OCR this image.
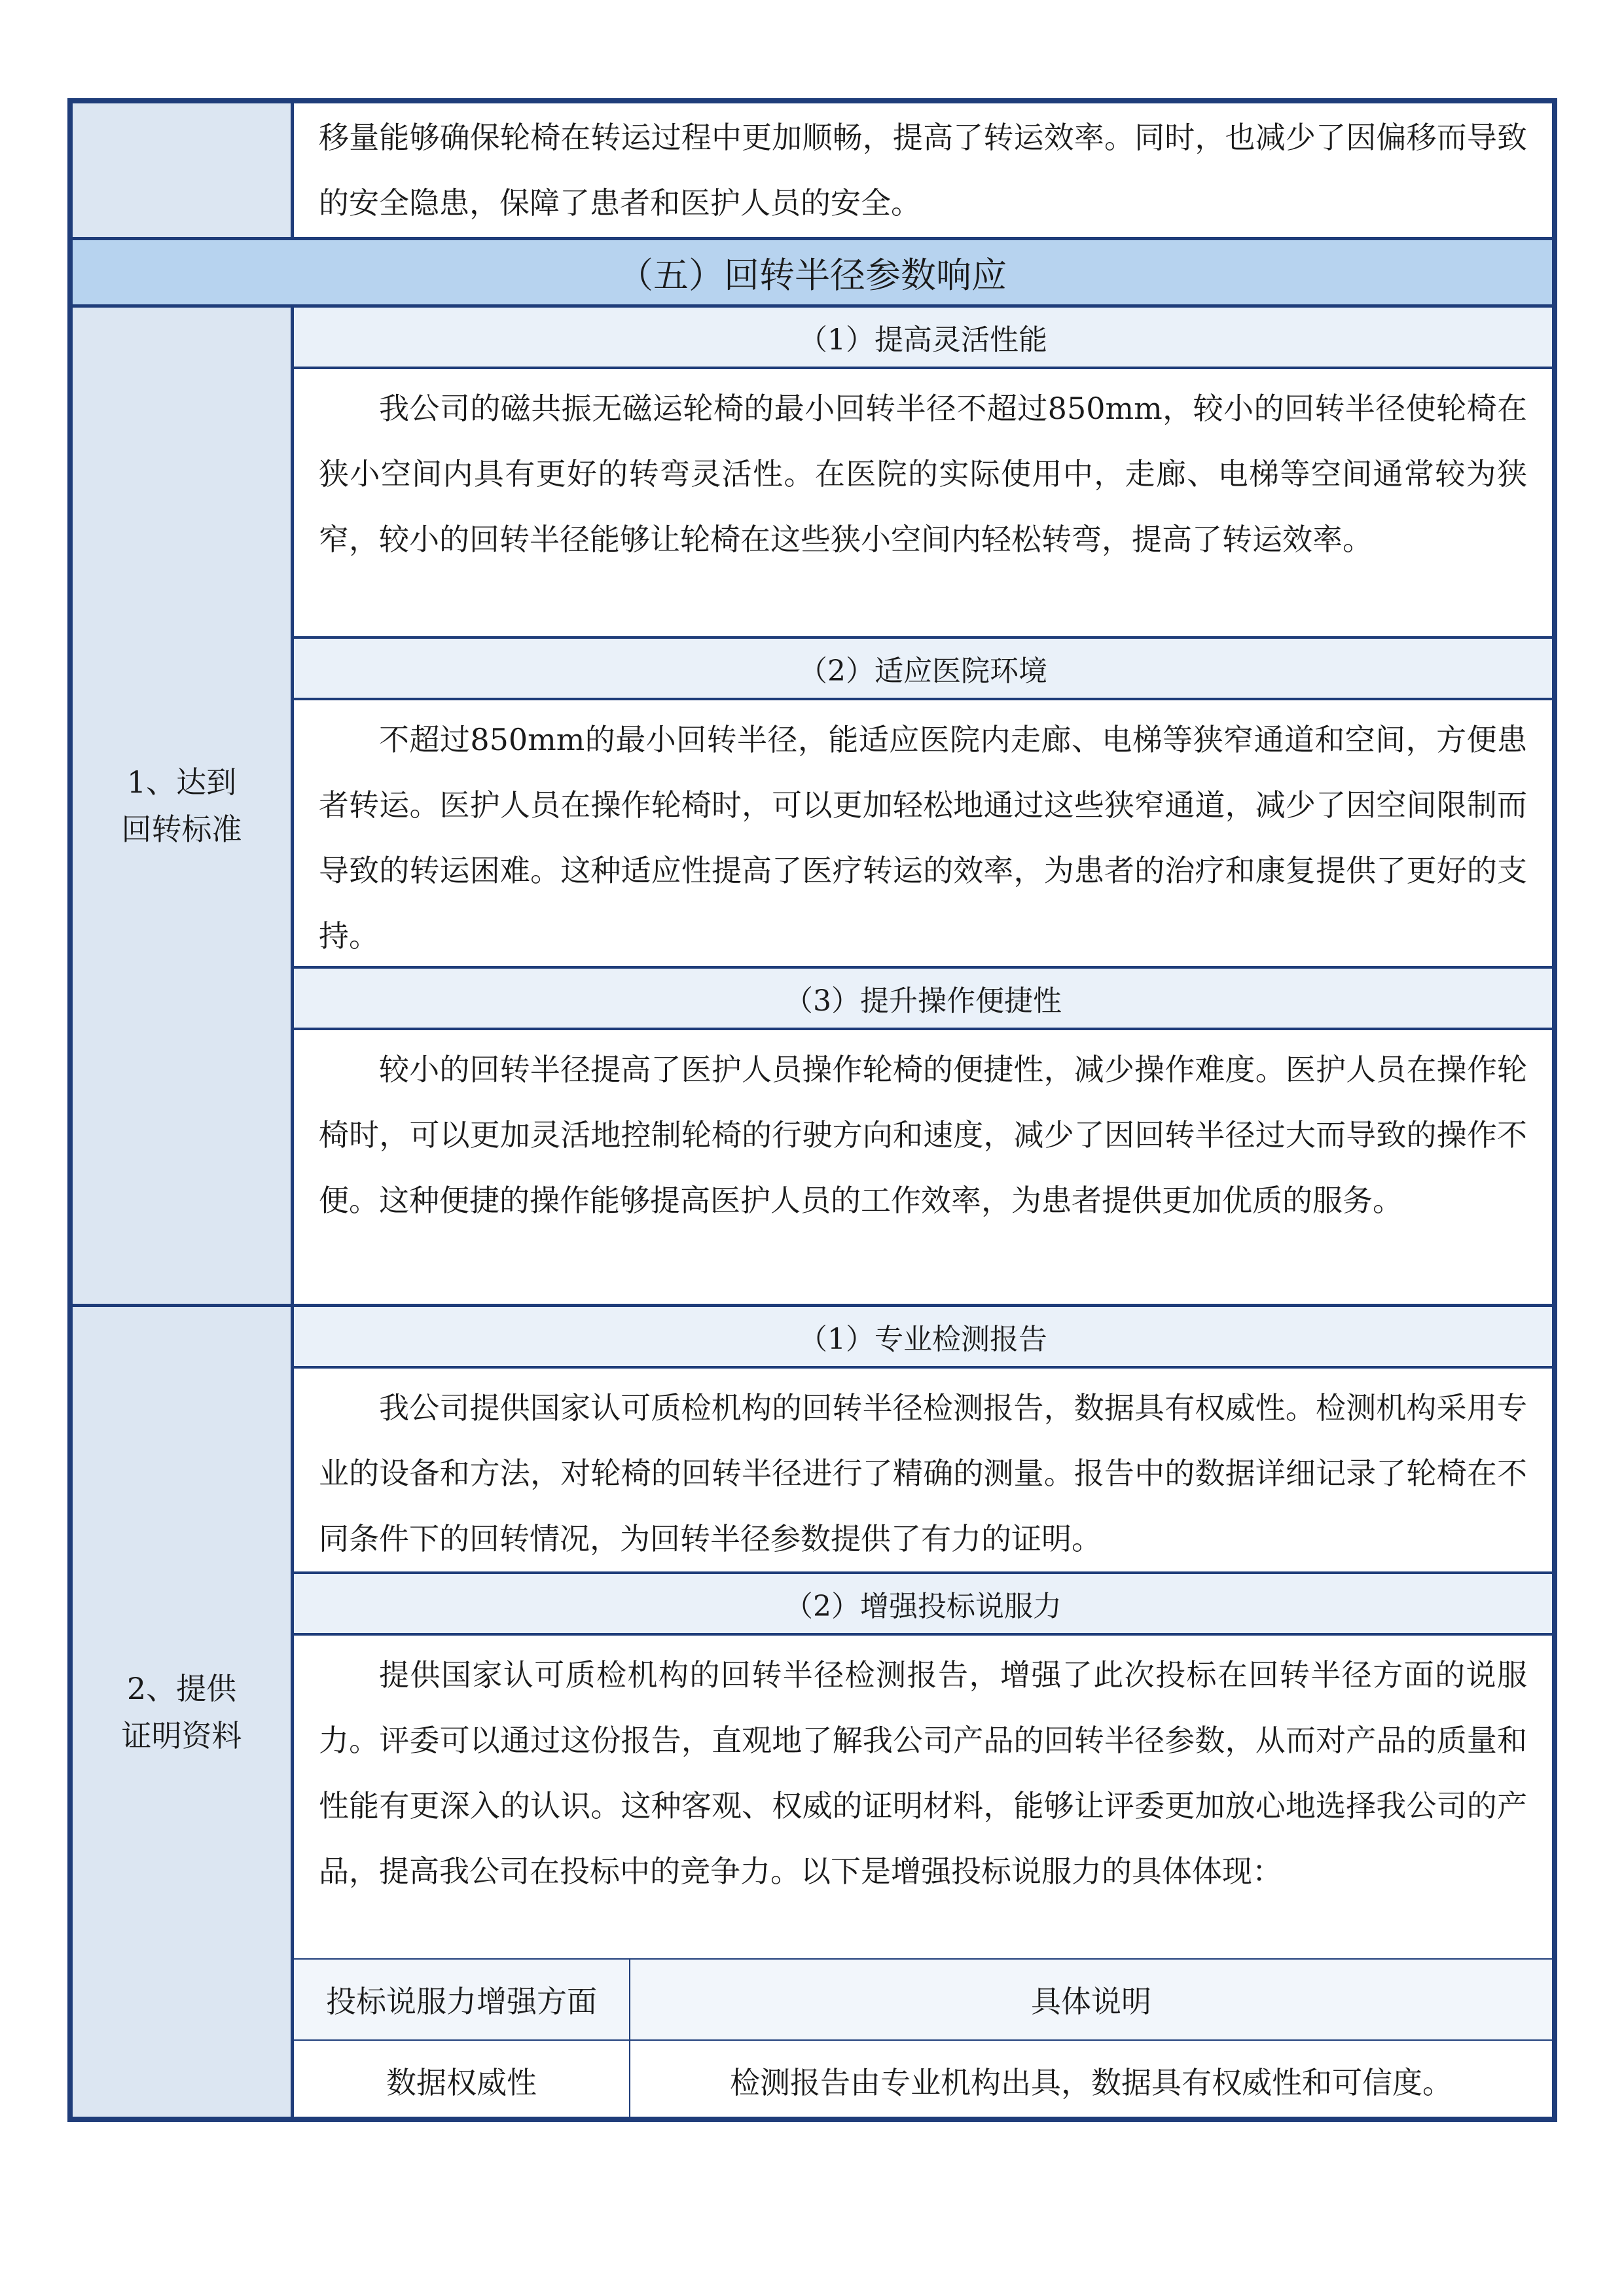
移量能够确保轮椅在转运过程中更加顺畅，提高了转运效率。同时，也减少了因偏移而导致的安全隐患，保障了患者和医护人员的安全。
（五）回转半径参数响应
1、达到回转标准
（1）提高灵活性能
我公司的磁共振无磁运轮椅的最小回转半径不超过850mm，较小的回转半径使轮椅在狭小空间内具有更好的转弯灵活性。在医院的实际使用中，走廊、电梯等空间通常较为狭窄，较小的回转半径能够让轮椅在这些狭小空间内轻松转弯，提高了转运效率。
（2）适应医院环境
不超过850mm的最小回转半径，能适应医院内走廊、电梯等狭窄通道和空间，方便患者转运。医护人员在操作轮椅时，可以更加轻松地通过这些狭窄通道，减少了因空间限制而导致的转运困难。这种适应性提高了医疗转运的效率，为患者的治疗和康复提供了更好的支持。
（3）提升操作便捷性
较小的回转半径提高了医护人员操作轮椅的便捷性，减少操作难度。医护人员在操作轮椅时，可以更加灵活地控制轮椅的行驶方向和速度，减少了因回转半径过大而导致的操作不便。这种便捷的操作能够提高医护人员的工作效率，为患者提供更加优质的服务。
2、提供证明资料
（1）专业检测报告
我公司提供国家认可质检机构的回转半径检测报告，数据具有权威性。检测机构采用专业的设备和方法，对轮椅的回转半径进行了精确的测量。报告中的数据详细记录了轮椅在不同条件下的回转情况，为回转半径参数提供了有力的证明。
（2）增强投标说服力
提供国家认可质检机构的回转半径检测报告，增强了此次投标在回转半径方面的说服力。评委可以通过这份报告，直观地了解我公司产品的回转半径参数，从而对产品的质量和性能有更深入的认识。这种客观、权威的证明材料，能够让评委更加放心地选择我公司的产品，提高我公司在投标中的竞争力。以下是增强投标说服力的具体体现：
投标说服力增强方面	具体说明
数据权威性	检测报告由专业机构出具，数据具有权威性和可信度。
